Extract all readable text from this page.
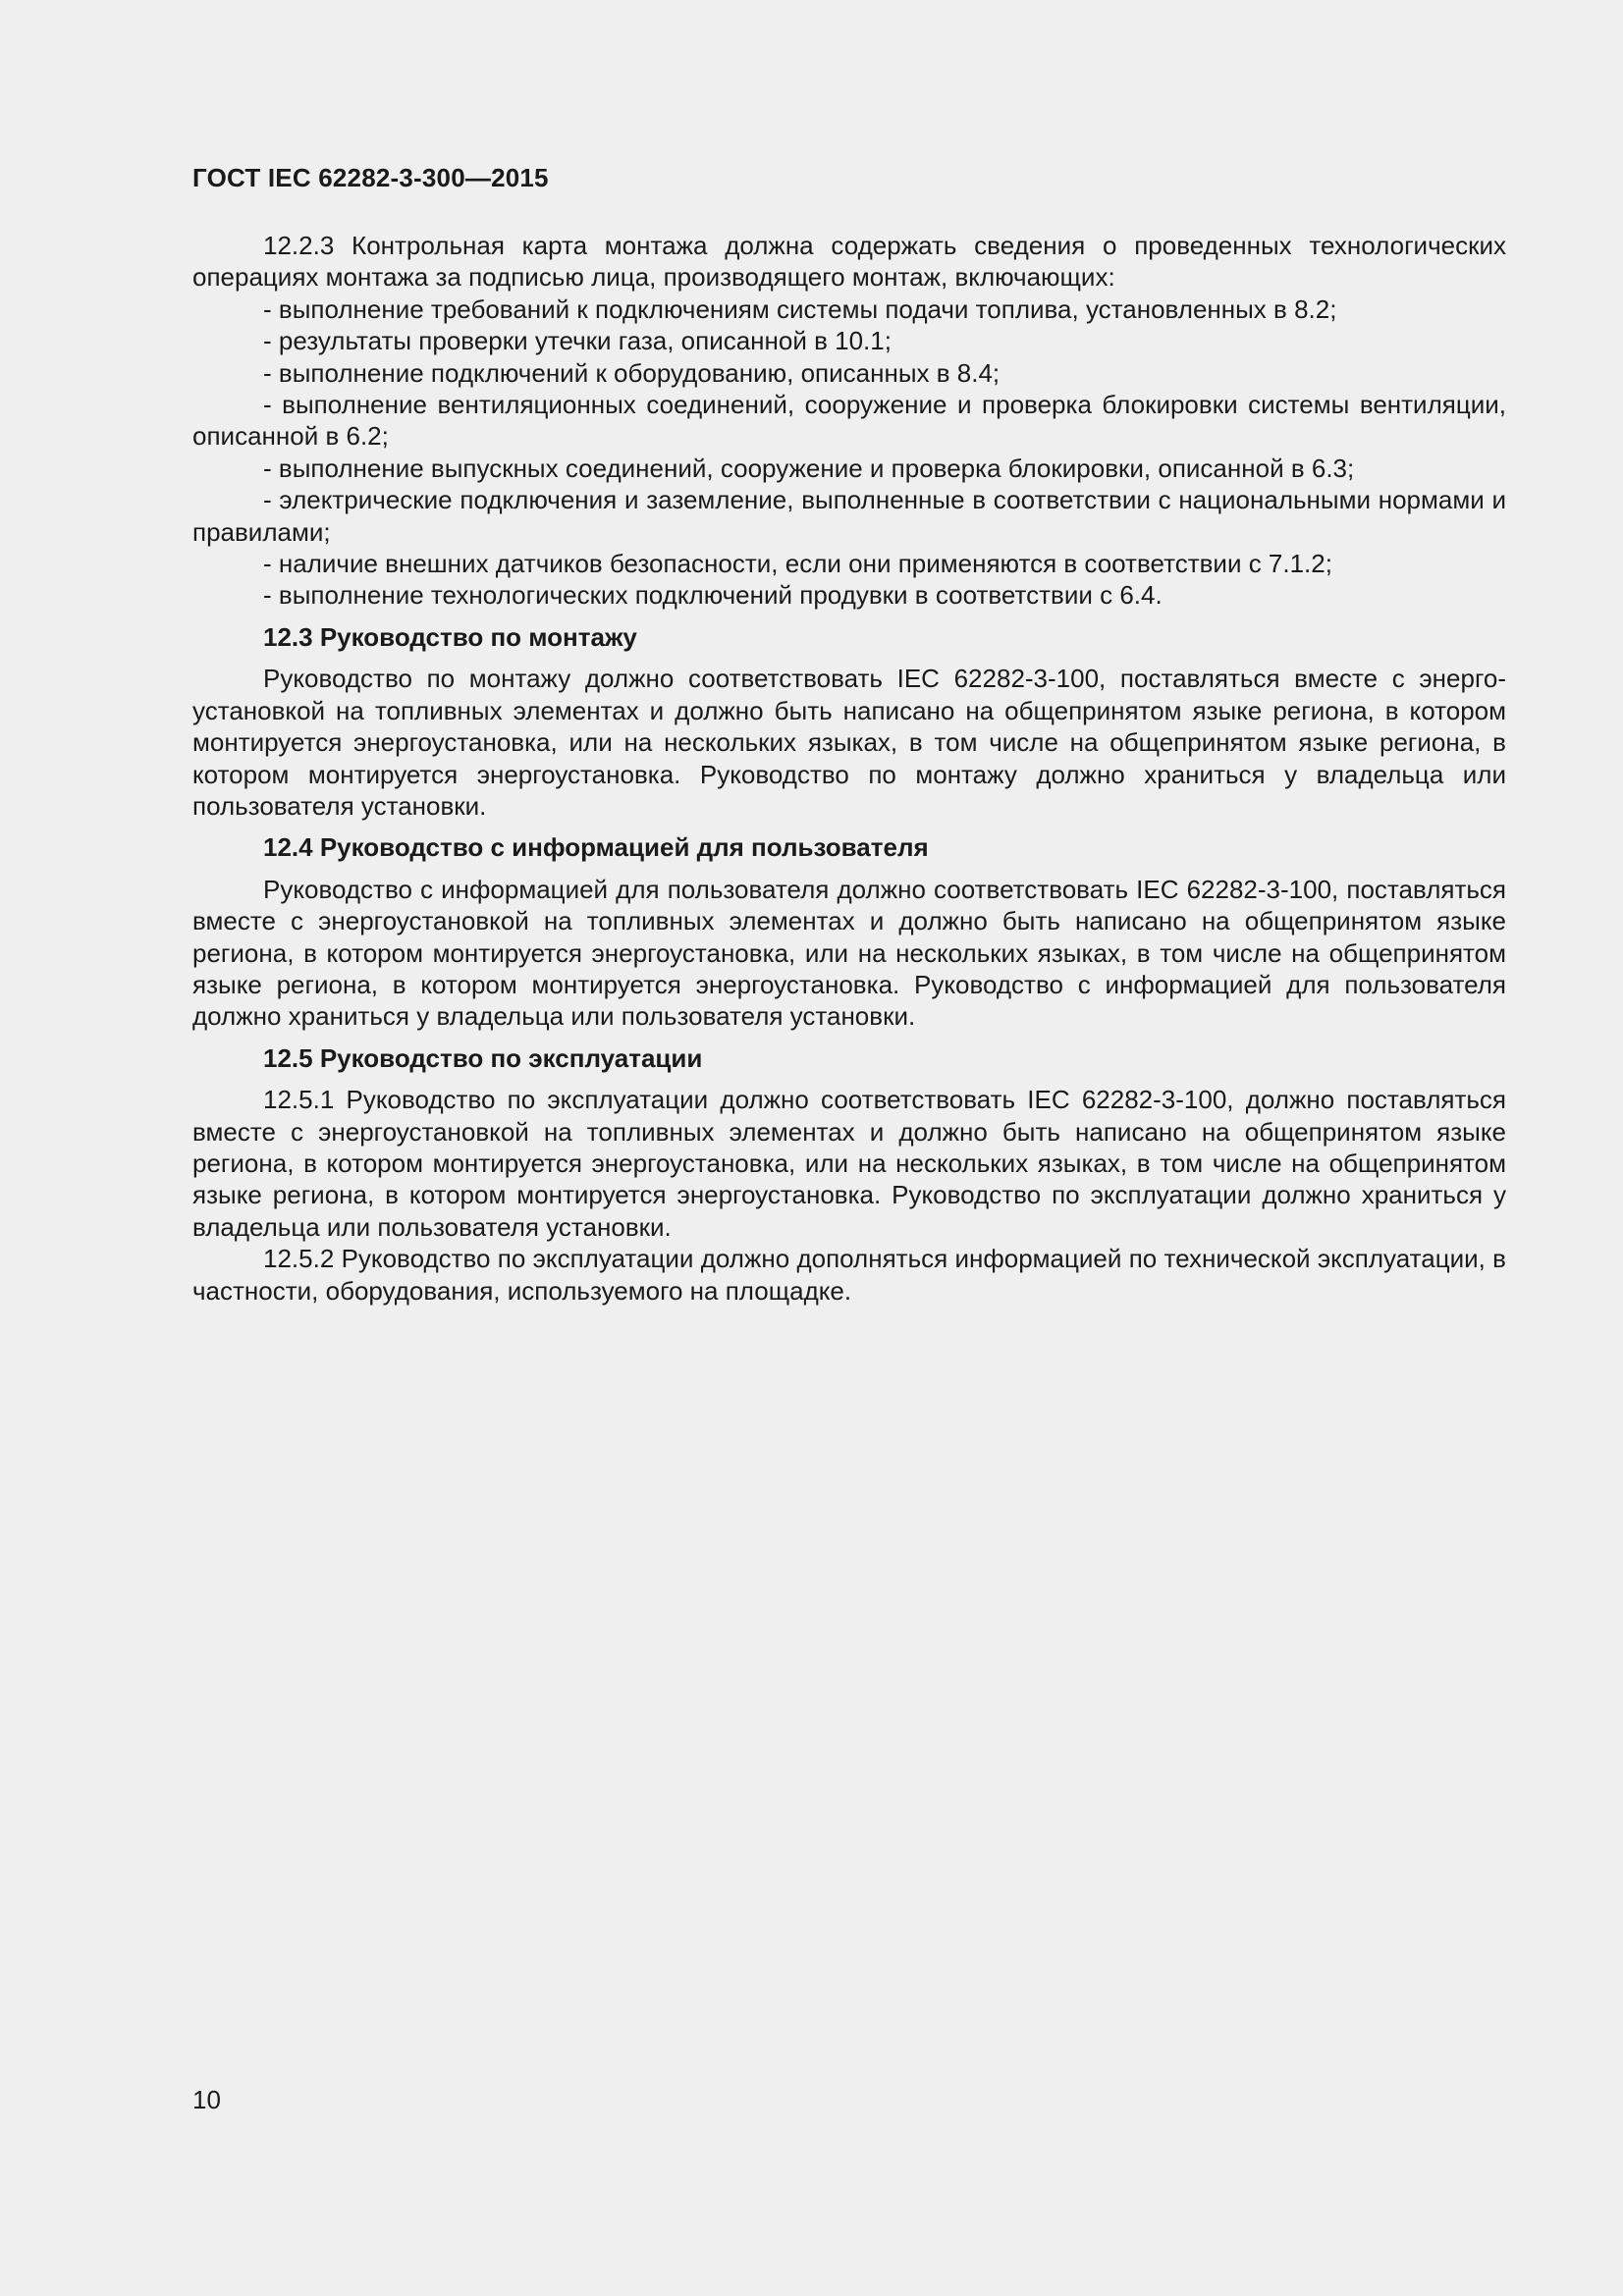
ГОСТ IEC 62282-3-300—2015

12.2.3 Контрольная карта монтажа должна содержать сведения о проведенных технологических операциях монтажа за подписью лица, производящего монтаж, включающих:

- выполнение требований к подключениям системы подачи топлива, установленных в 8.2;

- результаты проверки утечки газа, описанной в 10.1;

- выполнение подключений к оборудованию, описанных в 8.4;

- выполнение вентиляционных соединений, сооружение и проверка блокировки системы вентиляции, описанной в 6.2;

- выполнение выпускных соединений, сооружение и проверка блокировки, описанной в 6.3;

- электрические подключения и заземление, выполненные в соответствии с национальными нормами и правилами;

- наличие внешних датчиков безопасности, если они применяются в соответствии с 7.1.2;

- выполнение технологических подключений продувки в соответствии с 6.4.

12.3 Руководство по монтажу

Руководство по монтажу должно соответствовать IEC 62282-3-100, поставляться вместе с энергоустановкой на топливных элементах и должно быть написано на общепринятом языке региона, в котором монтируется энергоустановка, или на нескольких языках, в том числе на общепринятом языке региона, в котором монтируется энергоустановка. Руководство по монтажу должно храниться у владельца или пользователя установки.

12.4 Руководство с информацией для пользователя

Руководство с информацией для пользователя должно соответствовать IEC 62282-3-100, поставляться вместе с энергоустановкой на топливных элементах и должно быть написано на общепринятом языке региона, в котором монтируется энергоустановка, или на нескольких языках, в том числе на общепринятом языке региона, в котором монтируется энергоустановка. Руководство с информацией для пользователя должно храниться у владельца или пользователя установки.

12.5 Руководство по эксплуатации

12.5.1 Руководство по эксплуатации должно соответствовать IEC 62282-3-100, должно поставляться вместе с энергоустановкой на топливных элементах и должно быть написано на общепринятом языке региона, в котором монтируется энергоустановка, или на нескольких языках, в том числе на общепринятом языке региона, в котором монтируется энергоустановка. Руководство по эксплуатации должно храниться у владельца или пользователя установки.

12.5.2 Руководство по эксплуатации должно дополняться информацией по технической эксплуатации, в частности, оборудования, используемого на площадке.

10
